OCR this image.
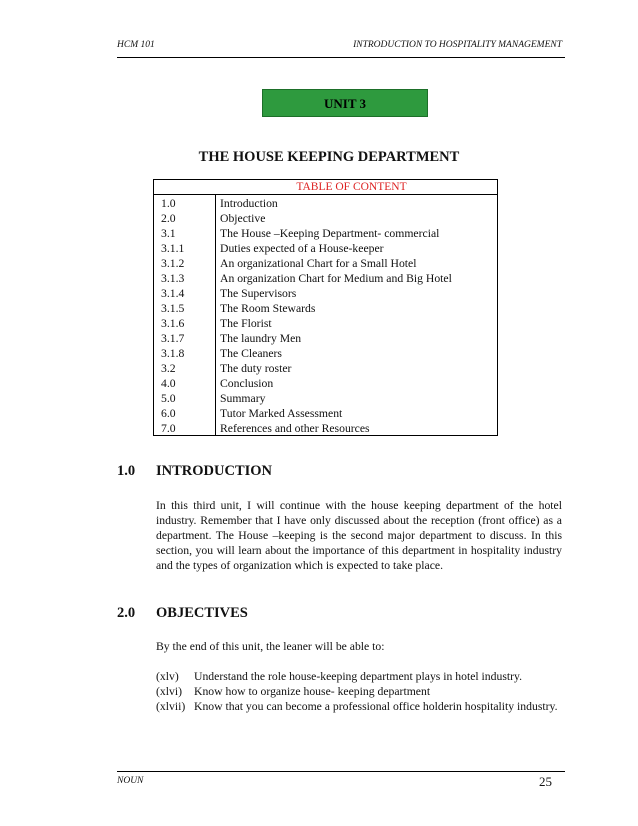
HCM 101	INTRODUCTION TO HOSPITALITY MANAGEMENT
UNIT 3
THE HOUSE KEEPING DEPARTMENT
TABLE OF CONTENT
1.0	Introduction
2.0	Objective
3.1	The House –Keeping Department- commercial
3.1.1	Duties expected of a House-keeper
3.1.2	An organizational Chart for a Small Hotel
3.1.3	An organization Chart for Medium and Big Hotel
3.1.4	The Supervisors
3.1.5	The Room Stewards
3.1.6	The Florist
3.1.7	The laundry Men
3.1.8	The Cleaners
3.2	The duty roster
4.0	Conclusion
5.0	Summary
6.0	Tutor Marked Assessment
7.0	References and other Resources
1.0 INTRODUCTION

In this third unit, I will continue with the house keeping department of the hotel industry. Remember that I have only discussed about the reception (front office) as a department. The House –keeping is the second major department to discuss. In this section, you will learn about the importance of this department in hospitality industry and the types of organization which is expected to take place.

2.0 OBJECTIVES

By the end of this unit, the leaner will be able to:

(xlv) Understand the role house-keeping department plays in hotel industry.
(xlvi) Know how to organize house- keeping department
(xlvii) Know that you can become a professional office holderin hospitality industry.
NOUN	25
